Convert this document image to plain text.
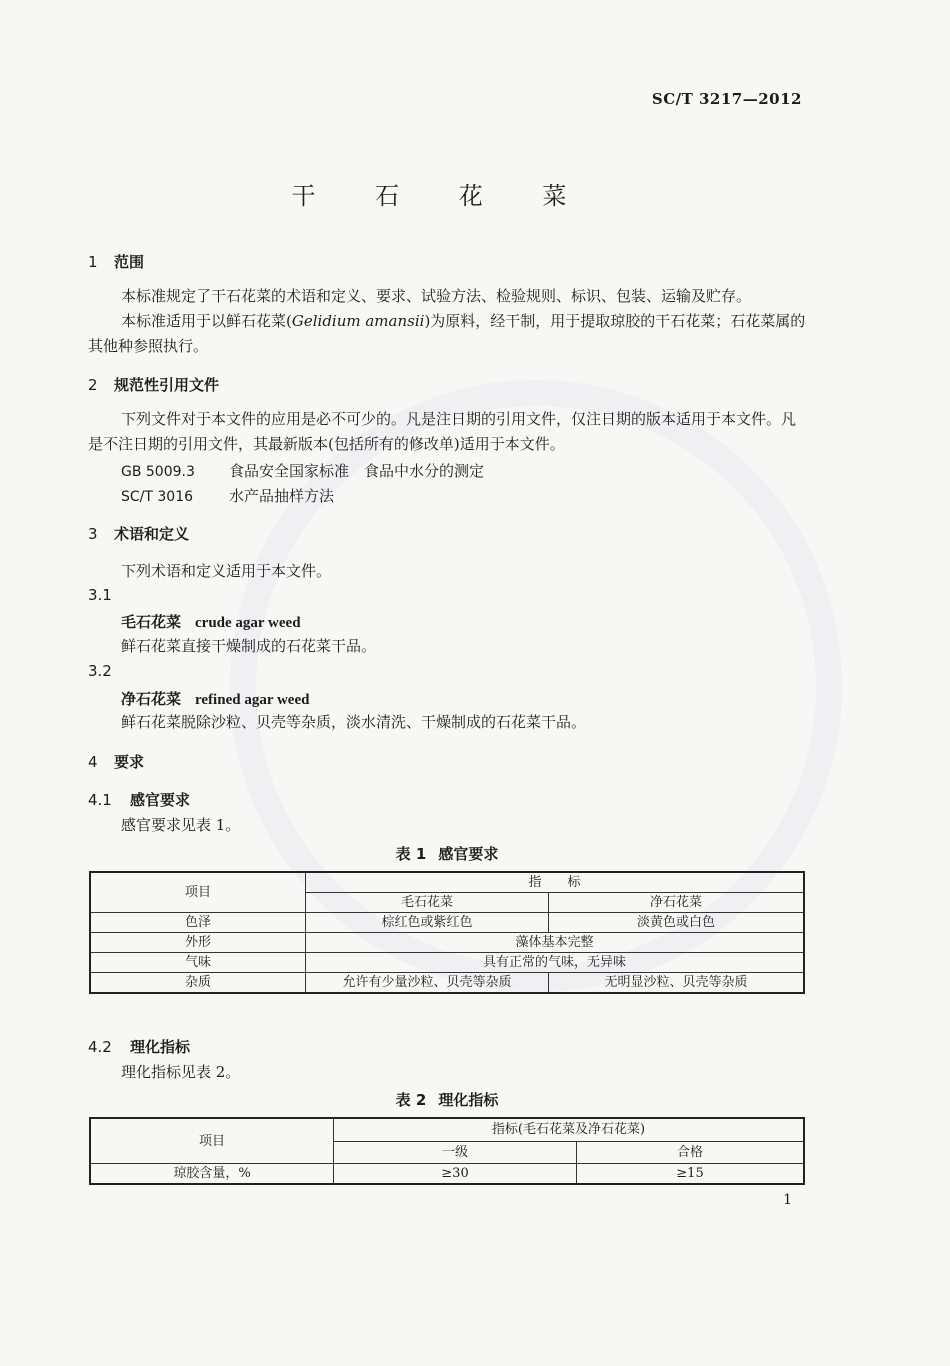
SC/T 3217—2012
干 石 花 菜
1 范围
本标准规定了干石花菜的术语和定义、要求、试验方法、检验规则、标识、包装、运输及贮存。
本标准适用于以鲜石花菜(Gelidium amansii)为原料，经干制，用于提取琼胶的干石花菜；石花菜属的其他种参照执行。
2 规范性引用文件
下列文件对于本文件的应用是必不可少的。凡是注日期的引用文件，仅注日期的版本适用于本文件。凡是不注日期的引用文件，其最新版本(包括所有的修改单)适用于本文件。
GB 5009.3 食品安全国家标准　食品中水分的测定
SC/T 3016 水产品抽样方法
3 术语和定义
下列术语和定义适用于本文件。
3.1
毛石花菜 crude agar weed
鲜石花菜直接干燥制成的石花菜干品。
3.2
净石花菜 refined agar weed
鲜石花菜脱除沙粒、贝壳等杂质，淡水清洗、干燥制成的石花菜干品。
4 要求
4.1 感官要求
感官要求见表 1。
表 1 感官要求
项目	指　　标	
	毛石花菜	净石花菜
色泽	棕红色或紫红色	淡黄色或白色
外形	藻体基本完整	
气味	具有正常的气味，无异味	
杂质	允许有少量沙粒、贝壳等杂质	无明显沙粒、贝壳等杂质
4.2 理化指标
理化指标见表 2。
表 2 理化指标
项目	指标(毛石花菜及净石花菜)	
	一级	合格
琼胶含量，%	≥30	≥15
1
